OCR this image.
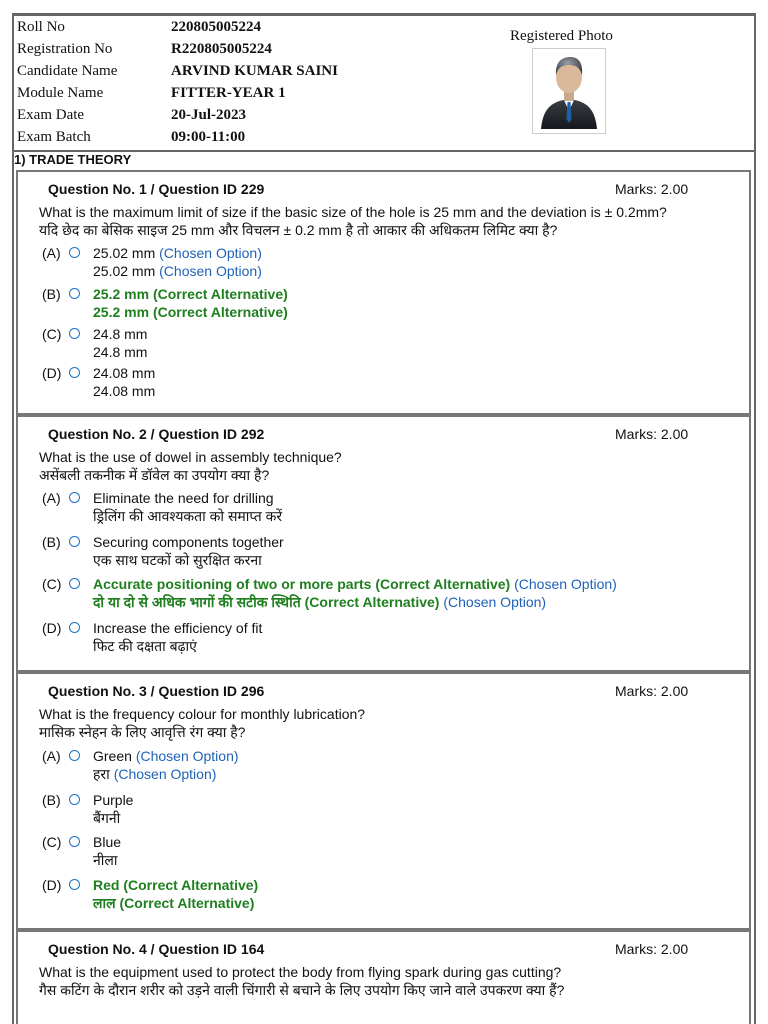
Roll No	220805005224
Registration No	R220805005224
Candidate Name	ARVIND KUMAR SAINI
Module Name	FITTER-YEAR 1
Exam Date	20-Jul-2023
Exam Batch	09:00-11:00
Registered Photo
1) TRADE THEORY
Question No. 1 / Question ID 229	Marks: 2.00
What is the maximum limit of size if the basic size of the hole is 25 mm and the deviation is ± 0.2mm?
यदि छेद का बेसिक साइज 25 mm और विचलन ± 0.2 mm है तो आकार की अधिकतम लिमिट क्या है?
(A) 25.02 mm (Chosen Option)
25.02 mm (Chosen Option)
(B) 25.2 mm (Correct Alternative)
25.2 mm (Correct Alternative)
(C) 24.8 mm
24.8 mm
(D) 24.08 mm
24.08 mm
Question No. 2 / Question ID 292	Marks: 2.00
What is the use of dowel in assembly technique?
असेंबली तकनीक में डॉवेल का उपयोग क्या है?
(A) Eliminate the need for drilling
ड्रिलिंग की आवश्यकता को समाप्त करें
(B) Securing components together
एक साथ घटकों को सुरक्षित करना
(C) Accurate positioning of two or more parts (Correct Alternative) (Chosen Option)
दो या दो से अधिक भागों की सटीक स्थिति (Correct Alternative) (Chosen Option)
(D) Increase the efficiency of fit
फिट की दक्षता बढ़ाएं
Question No. 3 / Question ID 296	Marks: 2.00
What is the frequency colour for monthly lubrication?
मासिक स्नेहन के लिए आवृत्ति रंग क्या है?
(A) Green (Chosen Option)
हरा (Chosen Option)
(B) Purple
बैंगनी
(C) Blue
नीला
(D) Red (Correct Alternative)
लाल (Correct Alternative)
Question No. 4 / Question ID 164	Marks: 2.00
What is the equipment used to protect the body from flying spark during gas cutting?
गैस कटिंग के दौरान शरीर को उड़ने वाली चिंगारी से बचाने के लिए उपयोग किए जाने वाले उपकरण क्या हैं?
